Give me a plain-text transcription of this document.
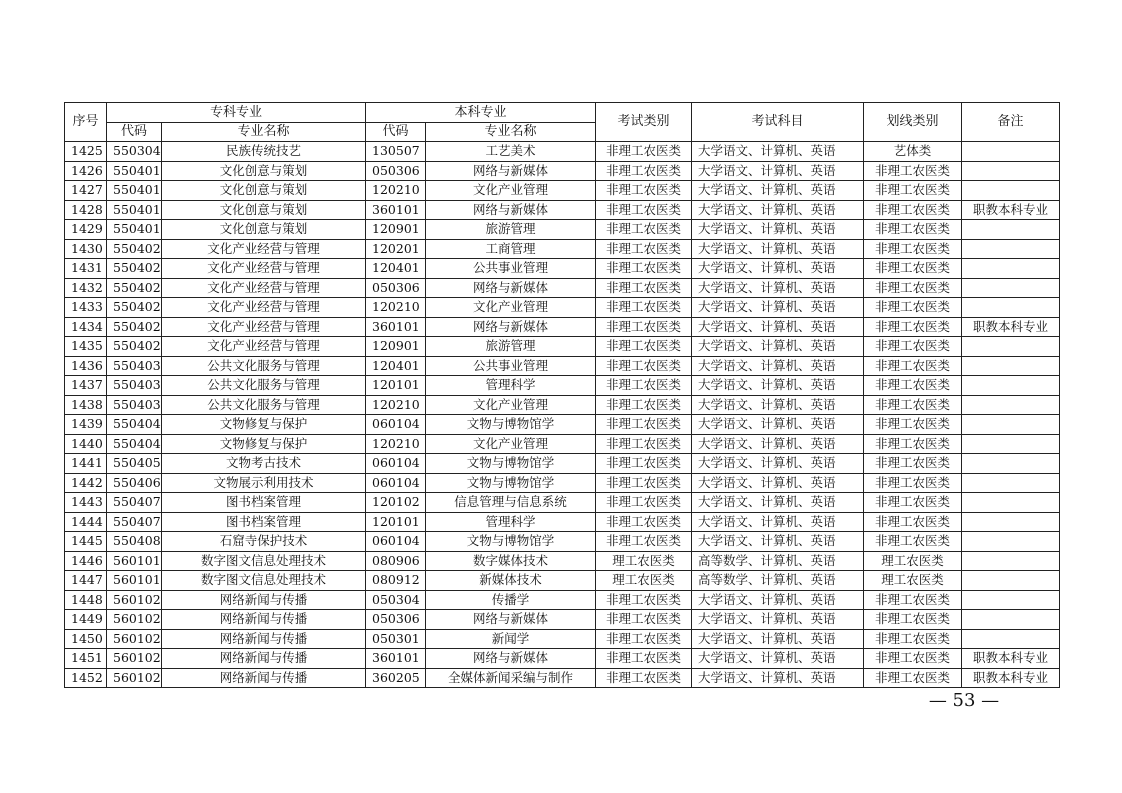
序号	专科专业		本科专业		考试类别	考试科目	划线类别	备注
	代码	专业名称	代码	专业名称				
1425	550304	民族传统技艺	130507	工艺美术	非理工农医类	大学语文、计算机、英语	艺体类	
1426	550401	文化创意与策划	050306	网络与新媒体	非理工农医类	大学语文、计算机、英语	非理工农医类	
1427	550401	文化创意与策划	120210	文化产业管理	非理工农医类	大学语文、计算机、英语	非理工农医类	
1428	550401	文化创意与策划	360101	网络与新媒体	非理工农医类	大学语文、计算机、英语	非理工农医类	职教本科专业
1429	550401	文化创意与策划	120901	旅游管理	非理工农医类	大学语文、计算机、英语	非理工农医类	
1430	550402	文化产业经营与管理	120201	工商管理	非理工农医类	大学语文、计算机、英语	非理工农医类	
1431	550402	文化产业经营与管理	120401	公共事业管理	非理工农医类	大学语文、计算机、英语	非理工农医类	
1432	550402	文化产业经营与管理	050306	网络与新媒体	非理工农医类	大学语文、计算机、英语	非理工农医类	
1433	550402	文化产业经营与管理	120210	文化产业管理	非理工农医类	大学语文、计算机、英语	非理工农医类	
1434	550402	文化产业经营与管理	360101	网络与新媒体	非理工农医类	大学语文、计算机、英语	非理工农医类	职教本科专业
1435	550402	文化产业经营与管理	120901	旅游管理	非理工农医类	大学语文、计算机、英语	非理工农医类	
1436	550403	公共文化服务与管理	120401	公共事业管理	非理工农医类	大学语文、计算机、英语	非理工农医类	
1437	550403	公共文化服务与管理	120101	管理科学	非理工农医类	大学语文、计算机、英语	非理工农医类	
1438	550403	公共文化服务与管理	120210	文化产业管理	非理工农医类	大学语文、计算机、英语	非理工农医类	
1439	550404	文物修复与保护	060104	文物与博物馆学	非理工农医类	大学语文、计算机、英语	非理工农医类	
1440	550404	文物修复与保护	120210	文化产业管理	非理工农医类	大学语文、计算机、英语	非理工农医类	
1441	550405	文物考古技术	060104	文物与博物馆学	非理工农医类	大学语文、计算机、英语	非理工农医类	
1442	550406	文物展示利用技术	060104	文物与博物馆学	非理工农医类	大学语文、计算机、英语	非理工农医类	
1443	550407	图书档案管理	120102	信息管理与信息系统	非理工农医类	大学语文、计算机、英语	非理工农医类	
1444	550407	图书档案管理	120101	管理科学	非理工农医类	大学语文、计算机、英语	非理工农医类	
1445	550408	石窟寺保护技术	060104	文物与博物馆学	非理工农医类	大学语文、计算机、英语	非理工农医类	
1446	560101	数字图文信息处理技术	080906	数字媒体技术	理工农医类	高等数学、计算机、英语	理工农医类	
1447	560101	数字图文信息处理技术	080912	新媒体技术	理工农医类	高等数学、计算机、英语	理工农医类	
1448	560102	网络新闻与传播	050304	传播学	非理工农医类	大学语文、计算机、英语	非理工农医类	
1449	560102	网络新闻与传播	050306	网络与新媒体	非理工农医类	大学语文、计算机、英语	非理工农医类	
1450	560102	网络新闻与传播	050301	新闻学	非理工农医类	大学语文、计算机、英语	非理工农医类	
1451	560102	网络新闻与传播	360101	网络与新媒体	非理工农医类	大学语文、计算机、英语	非理工农医类	职教本科专业
1452	560102	网络新闻与传播	360205	全媒体新闻采编与制作	非理工农医类	大学语文、计算机、英语	非理工农医类	职教本科专业
— 53 —
